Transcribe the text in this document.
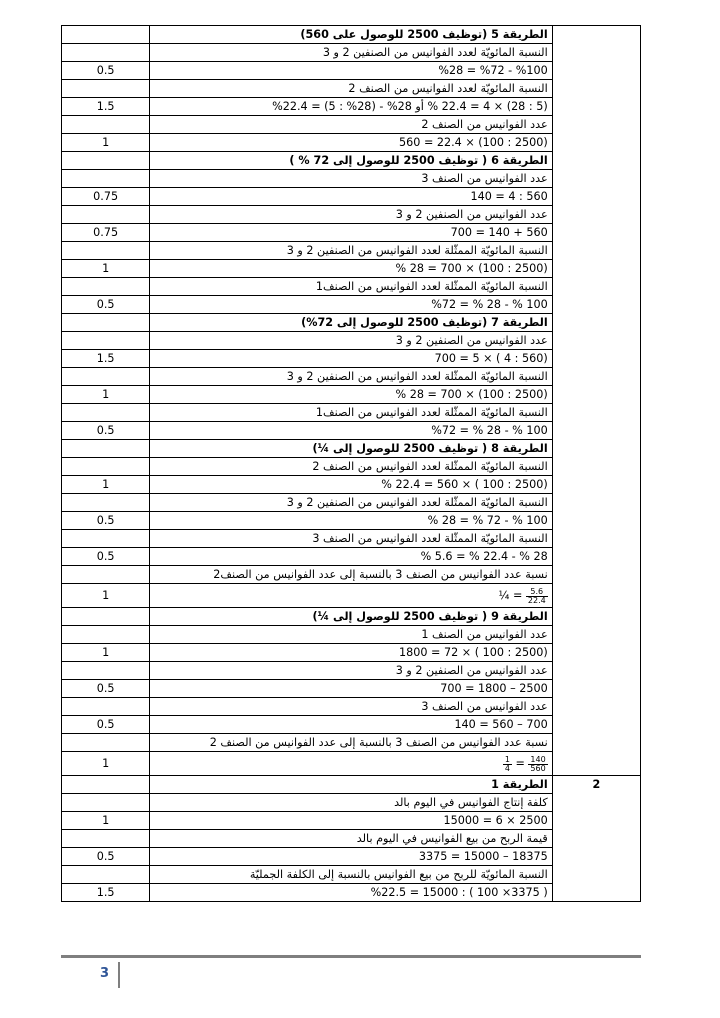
	الطريقة 5 (توظيف 2500 للوصول على 560)	
	النسبة المائويّة لعدد الفوانيس من الصنفين 2 و 3	
0.5	%28 = %72 - %100	
	النسبة المائويّة لعدد الفوانيس من الصنف 2	
1.5	(5 : 28) × 4 = 22.4 % أو 28% - (28% : 5) = 22.4%	
	عدد الفوانيس من الصنف 2	
1	560 = 22.4 × (100 : 2500)	
	الطريقة 6 ( توظيف 2500 للوصول إلى 72 % )	
	عدد الفوانيس من الصنف 3	
0.75	140 = 4 : 560	
	عدد الفوانيس من الصنفين 2 و 3	
0.75	700 = 140 + 560	
	النسبة المائويّة الممثّلة لعدد الفوانيس من الصنفين 2 و 3	
1	% 28 = 700 × (100 : 2500)	
	النسبة المائويّة الممثّلة لعدد الفوانيس من الصنف1	
0.5	%72 = % 28 - % 100	
	الطريقة 7 (توظيف 2500 للوصول إلى 72%)	
	عدد الفوانيس من الصنفين 2 و 3	
1.5	700 = 5 × ( 4 : 560)	
	النسبة المائويّة الممثّلة لعدد الفوانيس من الصنفين 2 و 3	
1	% 28 = 700 × (100 : 2500)	
	النسبة المائويّة الممثّلة لعدد الفوانيس من الصنف1	
0.5	%72 = % 28 - % 100	
	الطريقة 8 ( توظيف 2500 للوصول إلى ¼)	
	النسبة المائويّة الممثّلة لعدد الفوانيس من الصنف 2	
1	% 22.4 = 560 × ( 100 : 2500)	
	النسبة المائويّة الممثّلة لعدد الفوانيس من الصنفين 2 و 3	
0.5	% 28 = % 72 - % 100	
	النسبة المائويّة الممثّلة لعدد الفوانيس من الصنف 3	
0.5	% 5.6 = % 22.4 - % 28	
	نسبة عدد الفوانيس من الصنف 3 بالنسبة إلى عدد الفوانيس من الصنف2	
1	¼ = $\frac{5.6}{22.4}$

	الطريقة 9 ( توظيف 2500 للوصول إلى ¼)	
	عدد الفوانيس من الصنف 1	
1	1800 = 72 × ( 100 : 2500)	
	عدد الفوانيس من الصنفين 2 و 3	
0.5	700 = 1800 – 2500	
	عدد الفوانيس من الصنف 3	
0.5	140 = 560 – 700	
	نسبة عدد الفوانيس من الصنف 3 بالنسبة إلى عدد الفوانيس من الصنف 2	
1	$\frac{1}{4} = \frac{140}{560}$

	الطريقة 1	2
	كلفة إنتاج الفوانيس في اليوم بالد	
1	15000 = 6 × 2500	
	قيمة الربح من بيع الفوانيس في اليوم بالد	
0.5	3375 = 15000 – 18375	
	النسبة المائويّة للربح من بيع الفوانيس بالنسبة إلى الكلفة الجمليّة	
1.5	%22.5 = 15000 : ( 100 ×3375 )	
3
